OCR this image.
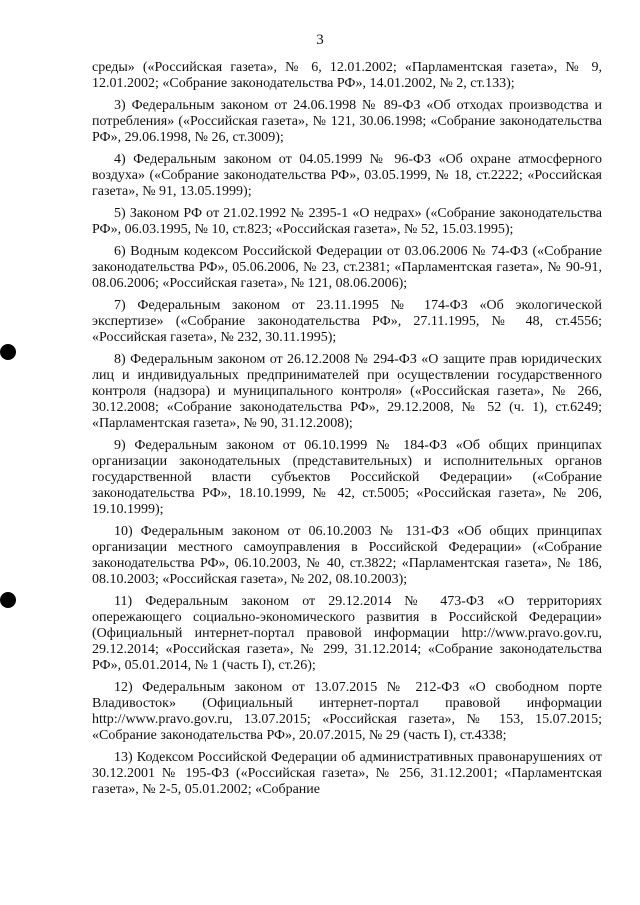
3

среды» («Российская газета», № 6, 12.01.2002; «Парламентская газета», № 9, 12.01.2002; «Собрание законодательства РФ», 14.01.2002, № 2, ст.133);

3) Федеральным законом от 24.06.1998 № 89-ФЗ «Об отходах производства и потребления» («Российская газета», № 121, 30.06.1998; «Собрание законодательства РФ», 29.06.1998, № 26, ст.3009);

4) Федеральным законом от 04.05.1999 № 96-ФЗ «Об охране атмосферного воздуха» («Собрание законодательства РФ», 03.05.1999, № 18, ст.2222; «Российская газета», № 91, 13.05.1999);

5) Законом РФ от 21.02.1992 № 2395-1 «О недрах» («Собрание законодательства РФ», 06.03.1995, № 10, ст.823; «Российская газета», № 52, 15.03.1995);

6) Водным кодексом Российской Федерации от 03.06.2006 № 74-ФЗ («Собрание законодательства РФ», 05.06.2006, № 23, ст.2381; «Парламентская газета», № 90-91, 08.06.2006; «Российская газета», № 121, 08.06.2006);

7) Федеральным законом от 23.11.1995 № 174-ФЗ «Об экологической экспертизе» («Собрание законодательства РФ», 27.11.1995, № 48, ст.4556; «Российская газета», № 232, 30.11.1995);

8) Федеральным законом от 26.12.2008 № 294-ФЗ «О защите прав юридических лиц и индивидуальных предпринимателей при осуществлении государственного контроля (надзора) и муниципального контроля» («Российская газета», № 266, 30.12.2008; «Собрание законодательства РФ», 29.12.2008, № 52 (ч. 1), ст.6249; «Парламентская газета», № 90, 31.12.2008);

9) Федеральным законом от 06.10.1999 № 184-ФЗ «Об общих принципах организации законодательных (представительных) и исполнительных органов государственной власти субъектов Российской Федерации» («Собрание законодательства РФ», 18.10.1999, № 42, ст.5005; «Российская газета», № 206, 19.10.1999);

10) Федеральным законом от 06.10.2003 № 131-ФЗ «Об общих принципах организации местного самоуправления в Российской Федерации» («Собрание законодательства РФ», 06.10.2003, № 40, ст.3822; «Парламентская газета», № 186, 08.10.2003; «Российская газета», № 202, 08.10.2003);

11) Федеральным законом от 29.12.2014 № 473-ФЗ «О территориях опережающего социально-экономического развития в Российской Федерации» (Официальный интернет-портал правовой информации http://www.pravo.gov.ru, 29.12.2014; «Российская газета», № 299, 31.12.2014; «Собрание законодательства РФ», 05.01.2014, № 1 (часть I), ст.26);

12) Федеральным законом от 13.07.2015 № 212-ФЗ «О свободном порте Владивосток» (Официальный интернет-портал правовой информации http://www.pravo.gov.ru, 13.07.2015; «Российская газета», № 153, 15.07.2015; «Собрание законодательства РФ», 20.07.2015, № 29 (часть I), ст.4338;

13) Кодексом Российской Федерации об административных правонарушениях от 30.12.2001 № 195-ФЗ («Российская газета», № 256, 31.12.2001; «Парламентская газета», № 2-5, 05.01.2002; «Собрание
